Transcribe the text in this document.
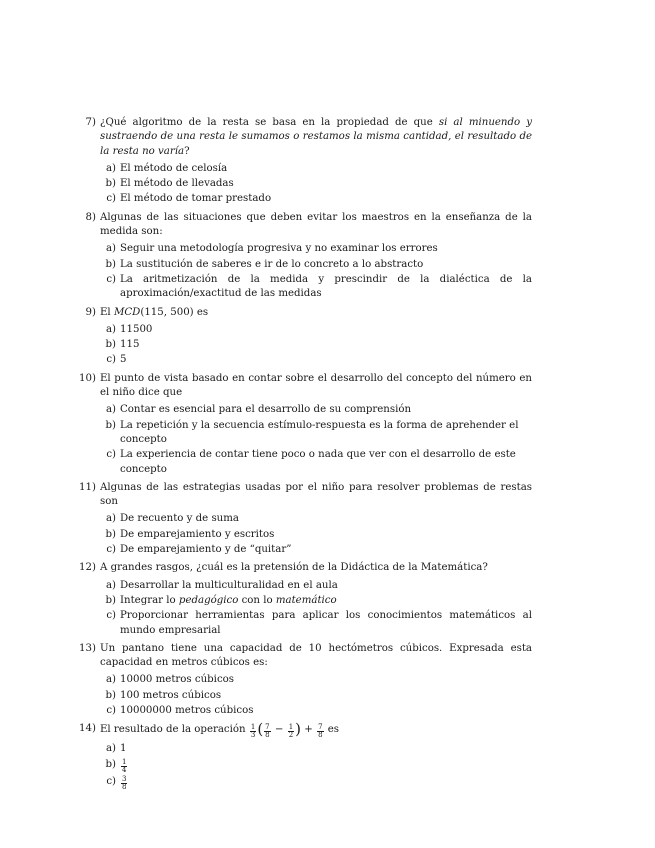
7) ¿Qué algoritmo de la resta se basa en la propiedad de que si al minuendo y sustraendo de una resta le sumamos o restamos la misma cantidad, el resultado de la resta no varía?
a) El método de celosía
b) El método de llevadas
c) El método de tomar prestado
8) Algunas de las situaciones que deben evitar los maestros en la enseñanza de la medida son:
a) Seguir una metodología progresiva y no examinar los errores
b) La sustitución de saberes e ir de lo concreto a lo abstracto
c) La aritmetización de la medida y prescindir de la dialéctica de la aproximación/exactitud de las medidas
9) El MCD(115, 500) es
a) 11500
b) 115
c) 5
10) El punto de vista basado en contar sobre el desarrollo del concepto del número en el niño dice que
a) Contar es esencial para el desarrollo de su comprensión
b) La repetición y la secuencia estímulo-respuesta es la forma de aprehender el concepto
c) La experiencia de contar tiene poco o nada que ver con el desarrollo de este concepto
11) Algunas de las estrategias usadas por el niño para resolver problemas de restas son
a) De recuento y de suma
b) De emparejamiento y escritos
c) De emparejamiento y de “quitar”
12) A grandes rasgos, ¿cuál es la pretensión de la Didáctica de la Matemática?
a) Desarrollar la multiculturalidad en el aula
b) Integrar lo pedagógico con lo matemático
c) Proporcionar herramientas para aplicar los conocimientos matemáticos al mundo empresarial
13) Un pantano tiene una capacidad de 10 hectómetros cúbicos. Expresada esta capacidad en metros cúbicos es:
a) 10000 metros cúbicos
b) 100 metros cúbicos
c) 10000000 metros cúbicos
14) El resultado de la operación $\frac{1}{3}$ ( $\frac{7}{8} - \frac{1}{2}$ ) + $\frac{7}{8}$ es
a) 1
$b) \frac{1}{4}$
$c) \frac{3}{8}$
